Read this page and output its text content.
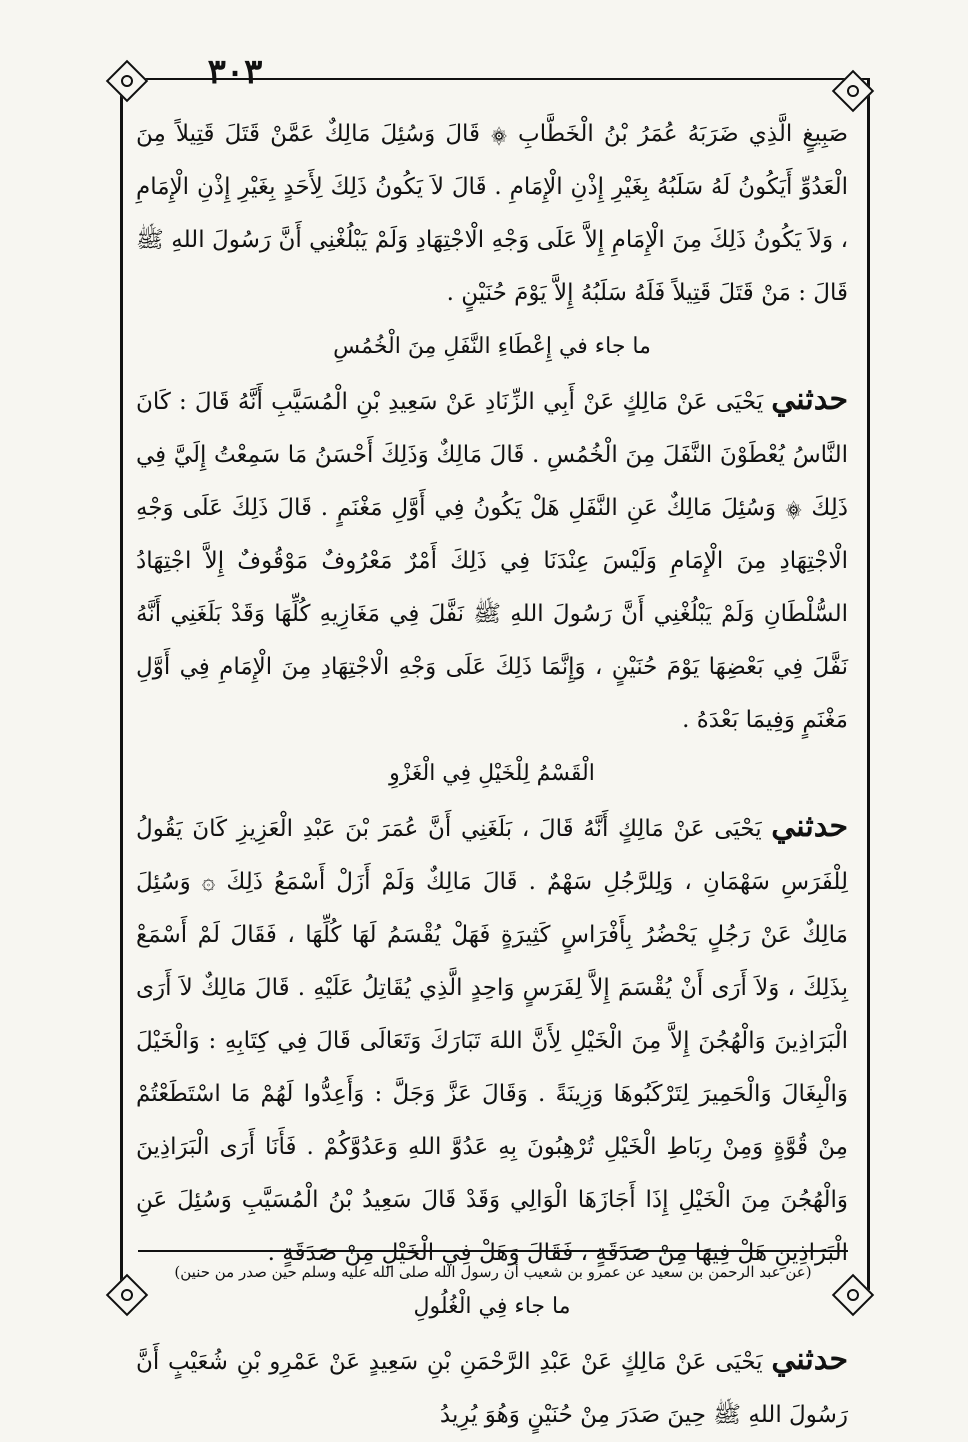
٣٠٣

صَبِيغٍ الَّذِي ضَرَبَهُ عُمَرُ بْنُ الْخَطَّابِ ۞ قَالَ وَسُئِلَ مَالِكٌ عَمَّنْ قَتَلَ قَتِيلاً مِنَ الْعَدُوِّ أَيَكُونُ لَهُ سَلَبُهُ بِغَيْرِ إِذْنِ الْإِمَامِ . قَالَ لاَ يَكُونُ ذَلِكَ لِأَحَدٍ بِغَيْرِ إِذْنِ الْإِمَامِ ، وَلاَ يَكُونُ ذَلِكَ مِنَ الْإِمَامِ إِلاَّ عَلَى وَجْهِ الْاجْتِهَادِ وَلَمْ يَبْلُغْنِي أَنَّ رَسُولَ اللهِ ﷺ قَالَ : مَنْ قَتَلَ قَتِيلاً فَلَهُ سَلَبُهُ إِلاَّ يَوْمَ حُنَيْنٍ .

ما جاء في إِعْطَاءِ النَّفَلِ مِنَ الْخُمُسِ

حدثني يَحْيَى عَنْ مَالِكٍ عَنْ أَبِي الزِّنَادِ عَنْ سَعِيدِ بْنِ الْمُسَيَّبِ أَنَّهُ قَالَ : كَانَ النَّاسُ يُعْطَوْنَ النَّفَلَ مِنَ الْخُمُسِ . قَالَ مَالِكٌ وَذَلِكَ أَحْسَنُ مَا سَمِعْتُ إِلَيَّ فِي ذَلِكَ ۞ وَسُئِلَ مَالِكٌ عَنِ النَّفَلِ هَلْ يَكُونُ فِي أَوَّلِ مَغْنَمٍ . قَالَ ذَلِكَ عَلَى وَجْهِ الْاجْتِهَادِ مِنَ الْإِمَامِ وَلَيْسَ عِنْدَنَا فِي ذَلِكَ أَمْرٌ مَعْرُوفٌ مَوْقُوفٌ إِلاَّ اجْتِهَادُ السُّلْطَانِ وَلَمْ يَبْلُغْنِي أَنَّ رَسُولَ اللهِ ﷺ نَفَّلَ فِي مَغَازِيهِ كُلِّهَا وَقَدْ بَلَغَنِي أَنَّهُ نَفَّلَ فِي بَعْضِهَا يَوْمَ حُنَيْنٍ ، وَإِنَّمَا ذَلِكَ عَلَى وَجْهِ الْاجْتِهَادِ مِنَ الْإِمَامِ فِي أَوَّلِ مَغْنَمٍ وَفِيمَا بَعْدَهُ .

الْقَسْمُ لِلْخَيْلِ فِي الْغَزْوِ

حدثني يَحْيَى عَنْ مَالِكٍ أَنَّهُ قَالَ ، بَلَغَنِي أَنَّ عُمَرَ بْنَ عَبْدِ الْعَزِيزِ كَانَ يَقُولُ لِلْفَرَسِ سَهْمَانِ ، وَلِلرَّجُلِ سَهْمٌ . قَالَ مَالِكٌ وَلَمْ أَزَلْ أَسْمَعُ ذَلِكَ ۞ وَسُئِلَ مَالِكٌ عَنْ رَجُلٍ يَحْضُرُ بِأَفْرَاسٍ كَثِيرَةٍ فَهَلْ يُقْسَمُ لَهَا كُلِّهَا ، فَقَالَ لَمْ أَسْمَعْ بِذَلِكَ ، وَلاَ أَرَى أَنْ يُقْسَمَ إِلاَّ لِفَرَسٍ وَاحِدٍ الَّذِي يُقَاتِلُ عَلَيْهِ . قَالَ مَالِكٌ لاَ أَرَى الْبَرَاذِينَ وَالْهُجُنَ إِلاَّ مِنَ الْخَيْلِ لِأَنَّ اللهَ تَبَارَكَ وَتَعَالَى قَالَ فِي كِتَابِهِ : وَالْخَيْلَ وَالْبِغَالَ وَالْحَمِيرَ لِتَرْكَبُوهَا وَزِينَةً . وَقَالَ عَزَّ وَجَلَّ : وَأَعِدُّوا لَهُمْ مَا اسْتَطَعْتُمْ مِنْ قُوَّةٍ وَمِنْ رِبَاطِ الْخَيْلِ تُرْهِبُونَ بِهِ عَدُوَّ اللهِ وَعَدُوَّكُمْ . فَأَنَا أَرَى الْبَرَاذِينَ وَالْهُجُنَ مِنَ الْخَيْلِ إِذَا أَجَازَهَا الْوَالِي وَقَدْ قَالَ سَعِيدُ بْنُ الْمُسَيَّبِ وَسُئِلَ عَنِ الْبَرَاذِينِ هَلْ فِيهَا مِنْ صَدَقَةٍ ، فَقَالَ وَهَلْ فِي الْخَيْلِ مِنْ صَدَقَةٍ .

ما جاء فِي الْغُلُولِ

حدثني يَحْيَى عَنْ مَالِكٍ عَنْ عَبْدِ الرَّحْمَنِ بْنِ سَعِيدٍ عَنْ عَمْرِو بْنِ شُعَيْبٍ أَنَّ رَسُولَ اللهِ ﷺ حِينَ صَدَرَ مِنْ حُنَيْنٍ وَهُوَ يُرِيدُ

(عن عبد الرحمن بن سعيد عن عمرو بن شعيب أن رسول الله صلى الله عليه وسلم حين صدر من حنين)
